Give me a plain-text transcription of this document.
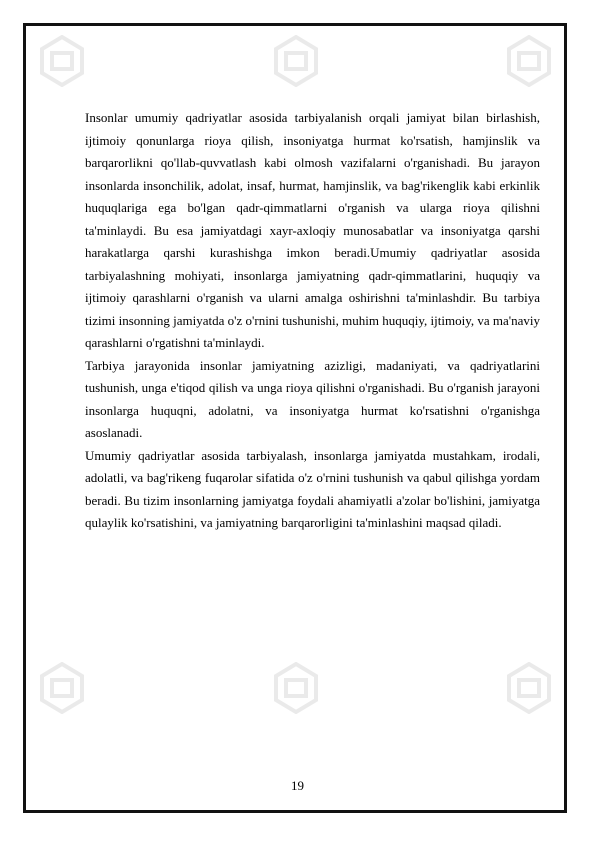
Insonlar umumiy qadriyatlar asosida tarbiyalanish orqali jamiyat bilan birlashish, ijtimoiy qonunlarga rioya qilish, insoniyatga hurmat ko'rsatish, hamjinslik va barqarorlikni qo'llab-quvvatlash kabi olmosh vazifalarni o'rganishadi. Bu jarayon insonlarda insonchilik, adolat, insaf, hurmat, hamjinslik, va bag'rikenglik kabi erkinlik huquqlariga ega bo'lgan qadr-qimmatlarni o'rganish va ularga rioya qilishni ta'minlaydi. Bu esa jamiyatdagi xayr-axloqiy munosabatlar va insoniyatga qarshi harakatlarga qarshi kurashishga imkon beradi.Umumiy qadriyatlar asosida tarbiyalashning mohiyati, insonlarga jamiyatning qadr-qimmatlarini, huquqiy va ijtimoiy qarashlarni o'rganish va ularni amalga oshirishni ta'minlashdir. Bu tarbiya tizimi insonning jamiyatda o'z o'rnini tushunishi, muhim huquqiy, ijtimoiy, va ma'naviy qarashlarni o'rgatishni ta'minlaydi.

Tarbiya jarayonida insonlar jamiyatning azizligi, madaniyati, va qadriyatlarini tushunish, unga e'tiqod qilish va unga rioya qilishni o'rganishadi. Bu o'rganish jarayoni insonlarga huquqni, adolatni, va insoniyatga hurmat ko'rsatishni o'rganishga asoslanadi.

Umumiy qadriyatlar asosida tarbiyalash, insonlarga jamiyatda mustahkam, irodali, adolatli, va bag'rikeng fuqarolar sifatida o'z o'rnini tushunish va qabul qilishga yordam beradi. Bu tizim insonlarning jamiyatga foydali ahamiyatli a'zolar bo'lishini, jamiyatga qulaylik ko'rsatishini, va jamiyatning barqarorligini ta'minlashini maqsad qiladi.

19
